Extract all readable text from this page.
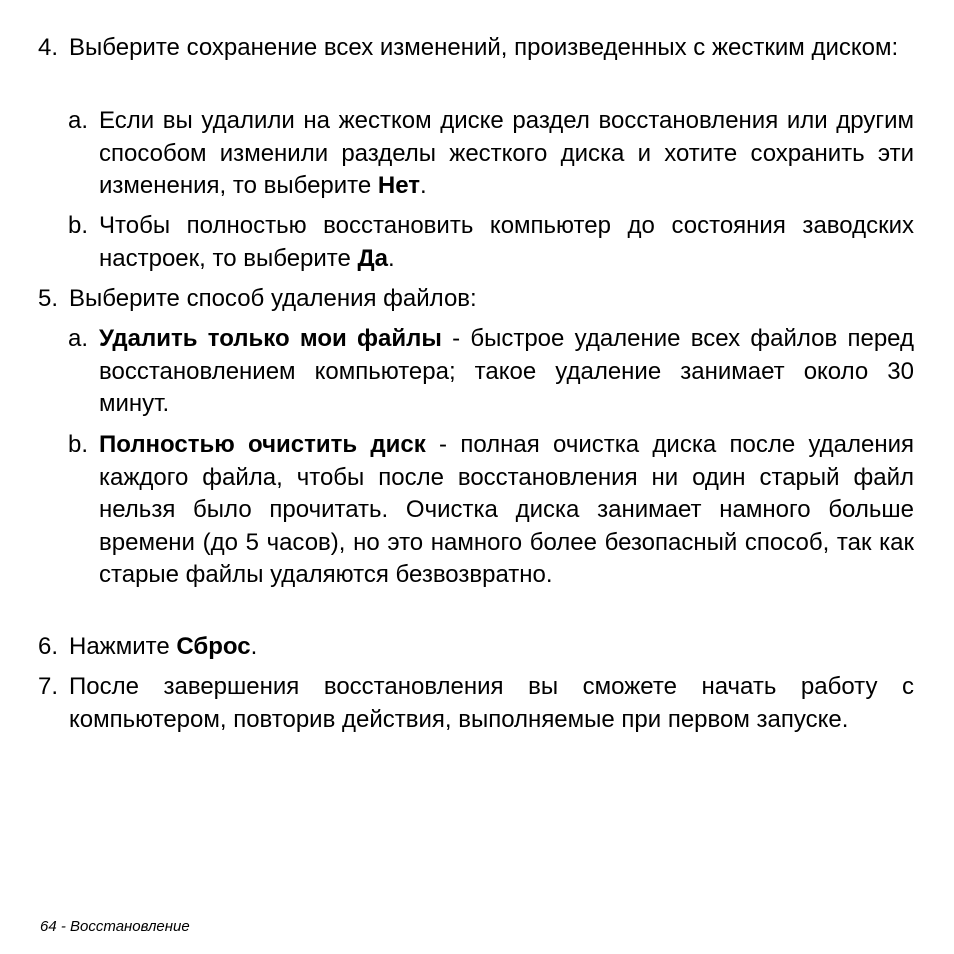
4. Выберите сохранение всех изменений, произведенных с жестким диском:
a. Если вы удалили на жестком диске раздел восстановления или другим способом изменили разделы жесткого диска и хотите сохранить эти изменения, то выберите Нет.
b. Чтобы полностью восстановить компьютер до состояния заводских настроек, то выберите Да.
5. Выберите способ удаления файлов:
a. Удалить только мои файлы - быстрое удаление всех файлов перед восстановлением компьютера; такое удаление занимает около 30 минут.
b. Полностью очистить диск - полная очистка диска после удаления каждого файла, чтобы после восстановления ни один старый файл нельзя было прочитать. Очистка диска занимает намного больше времени (до 5 часов), но это намного более безопасный способ, так как старые файлы удаляются безвозвратно.
6. Нажмите Сброс.
7. После завершения восстановления вы сможете начать работу с компьютером, повторив действия, выполняемые при первом запуске.
64 - Восстановление
